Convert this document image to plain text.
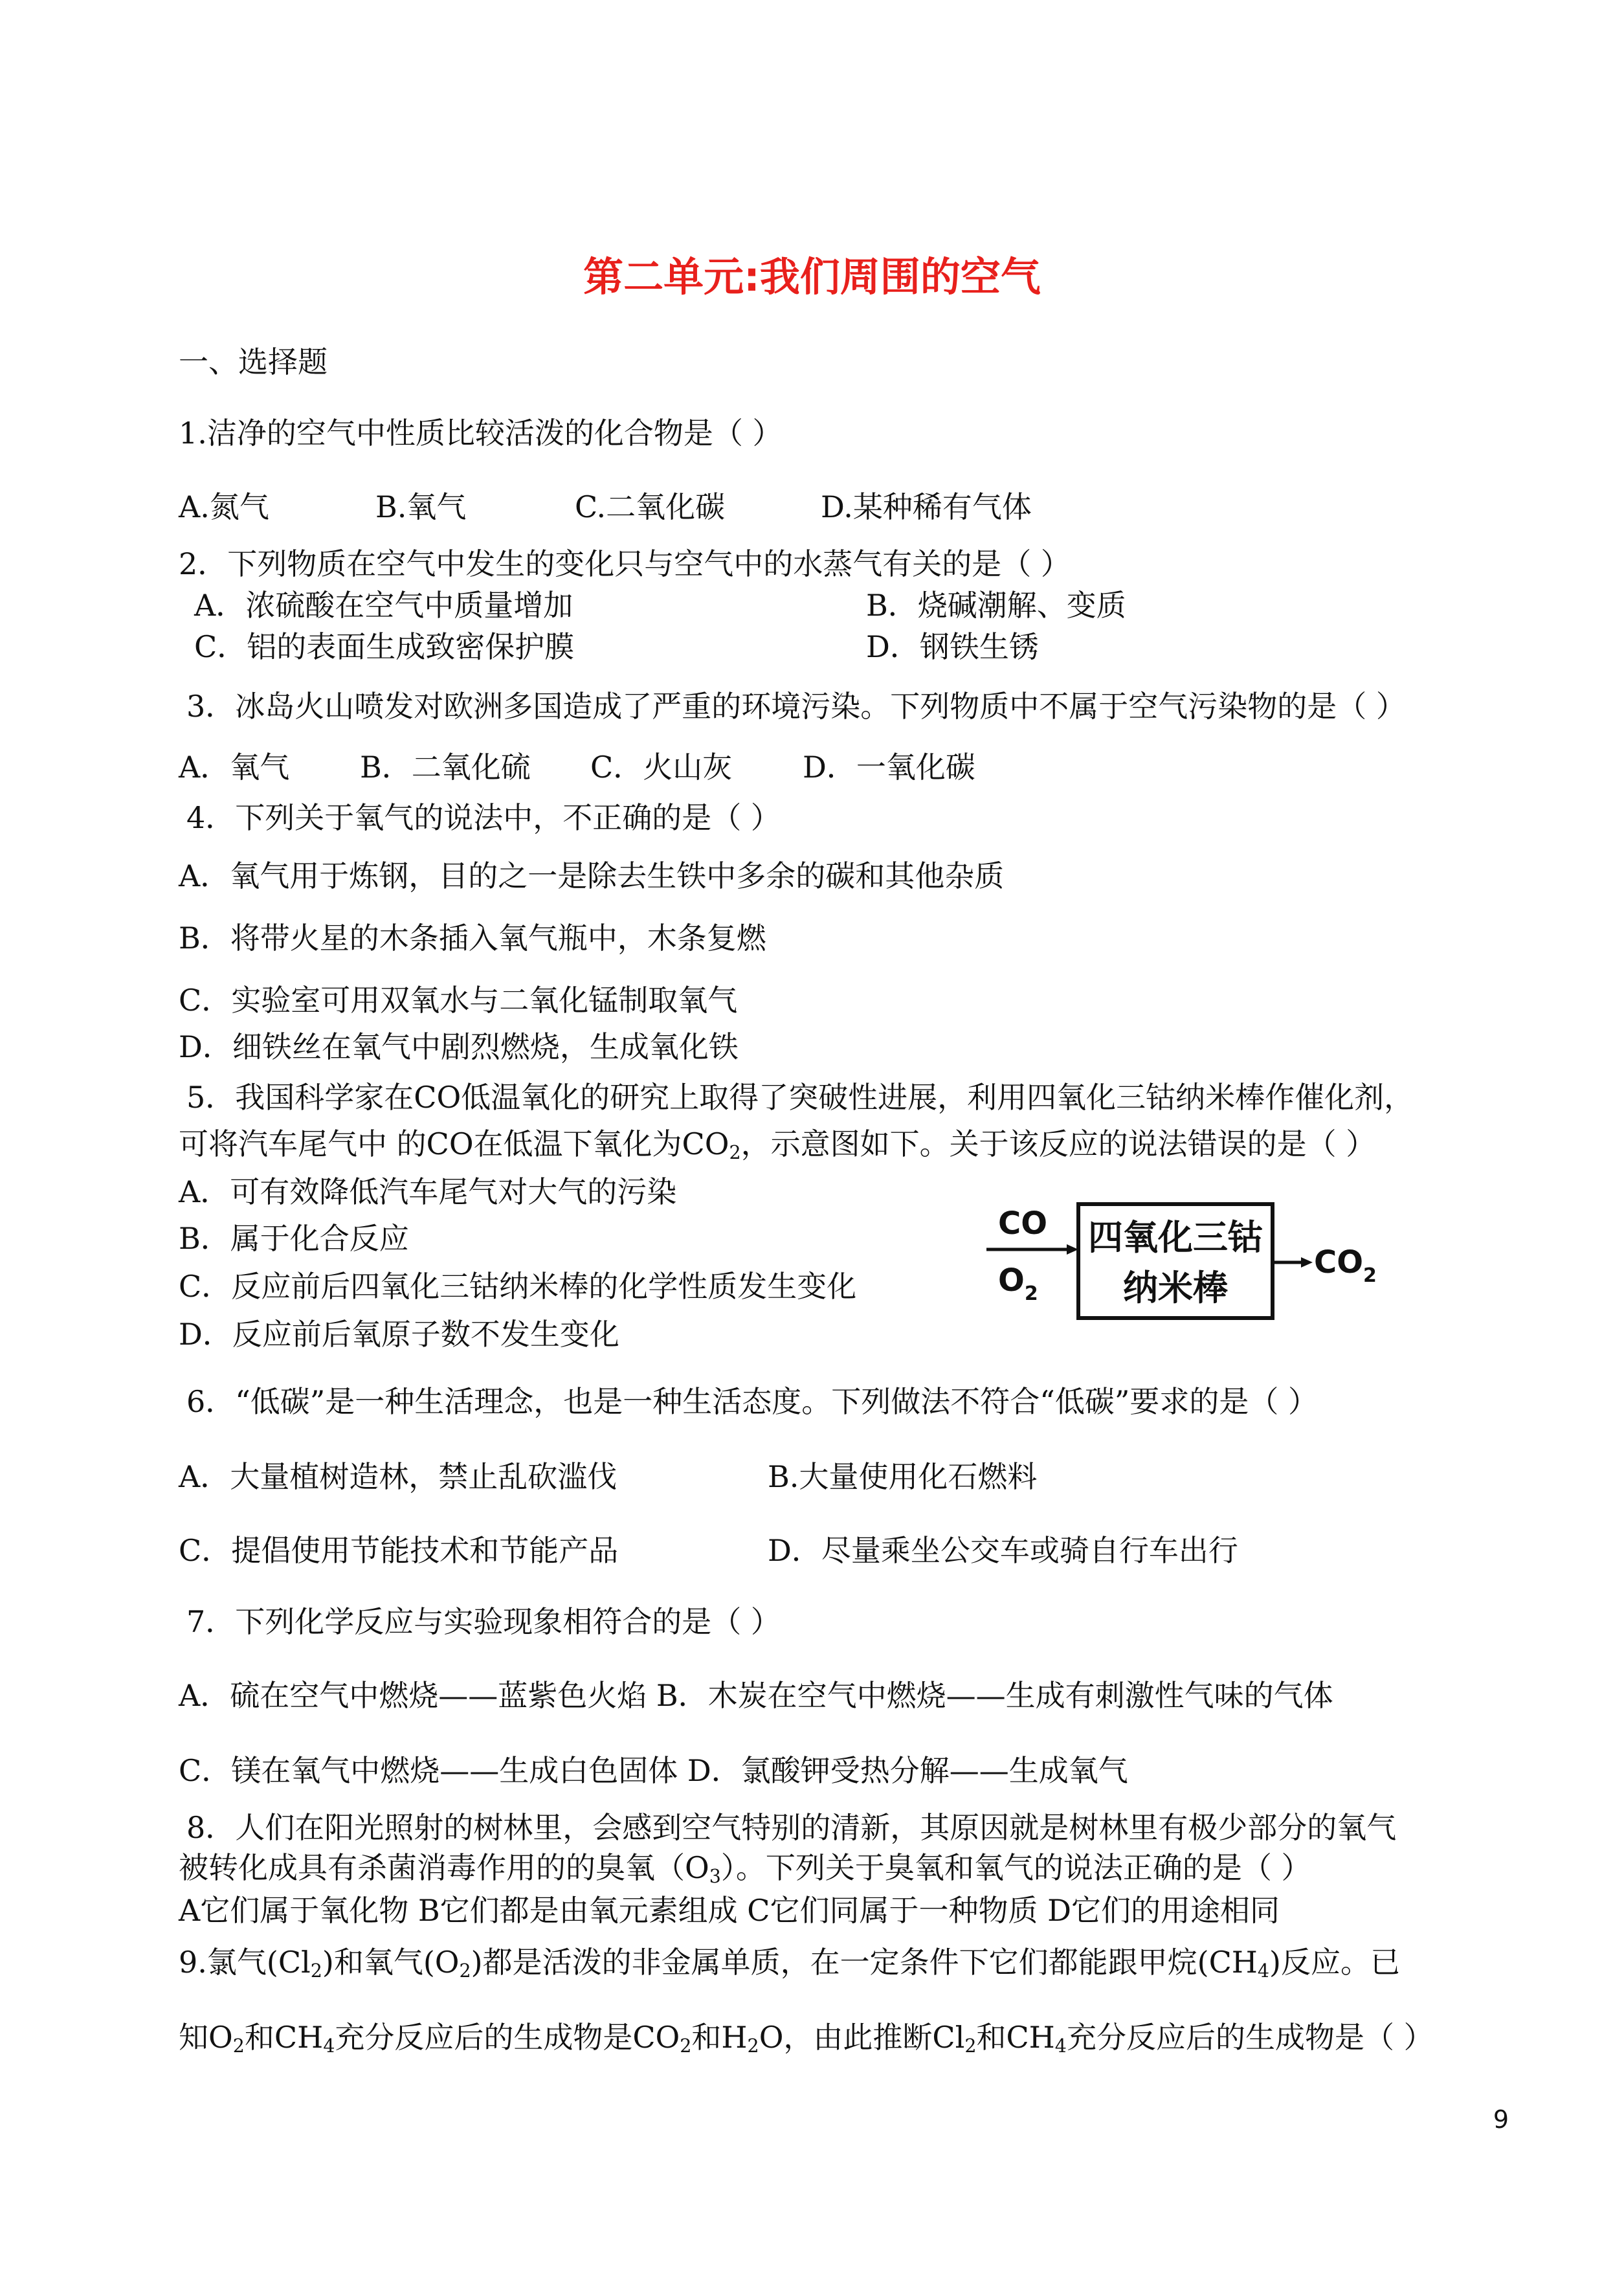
第二单元:我们周围的空气
一、选择题
1.洁净的空气中性质比较活泼的化合物是（ ）
A.氮气	B.氧气	C.二氧化碳	D.某种稀有气体
2．下列物质在空气中发生的变化只与空气中的水蒸气有关的是（ ）
A．浓硫酸在空气中质量增加	B．烧碱潮解、变质
C．铝的表面生成致密保护膜	D．钢铁生锈
3．冰岛火山喷发对欧洲多国造成了严重的环境污染。下列物质中不属于空气污染物的是（ ）
A．氧气 B．二氧化硫 C．火山灰 D．一氧化碳
4．下列关于氧气的说法中，不正确的是（ ）
A．氧气用于炼钢，目的之一是除去生铁中多余的碳和其他杂质
B．将带火星的木条插入氧气瓶中，木条复燃
C．实验室可用双氧水与二氧化锰制取氧气
D．细铁丝在氧气中剧烈燃烧，生成氧化铁
5．我国科学家在CO低温氧化的研究上取得了突破性进展，利用四氧化三钴纳米棒作催化剂，
可将汽车尾气中 的CO在低温下氧化为$CO_2$，示意图如下。关于该反应的说法错误的是（ ）
A．可有效降低汽车尾气对大气的污染
B．属于化合反应
C．反应前后四氧化三钴纳米棒的化学性质发生变化
D．反应前后氧原子数不发生变化
CO
$O_2$
四氧化三钴
纳米棒
$CO_2$
6．“低碳”是一种生活理念，也是一种生活态度。下列做法不符合“低碳”要求的是（ ）
A．大量植树造林，禁止乱砍滥伐	B.大量使用化石燃料
C．提倡使用节能技术和节能产品	D．尽量乘坐公交车或骑自行车出行
7．下列化学反应与实验现象相符合的是（ ）
A．硫在空气中燃烧——蓝紫色火焰 B．木炭在空气中燃烧——生成有刺激性气味的气体
C．镁在氧气中燃烧——生成白色固体 D．氯酸钾受热分解——生成氧气
8．人们在阳光照射的树林里，会感到空气特别的清新，其原因就是树林里有极少部分的氧气
被转化成具有杀菌消毒作用的的臭氧$(O_3)$。下列关于臭氧和氧气的说法正确的是（ ）
A它们属于氧化物 B它们都是由氧元素组成 C它们同属于一种物质 D它们的用途相同
9.氯气$(Cl_2)$和氧气$(O_2)$都是活泼的非金属单质，在一定条件下它们都能跟甲烷$(CH_4)$反应。已
知$O_2$和$CH_4$充分反应后的生成物是$CO_2$和$H_2O$，由此推断$Cl_2$和$CH_4$充分反应后的生成物是（ ）
9
